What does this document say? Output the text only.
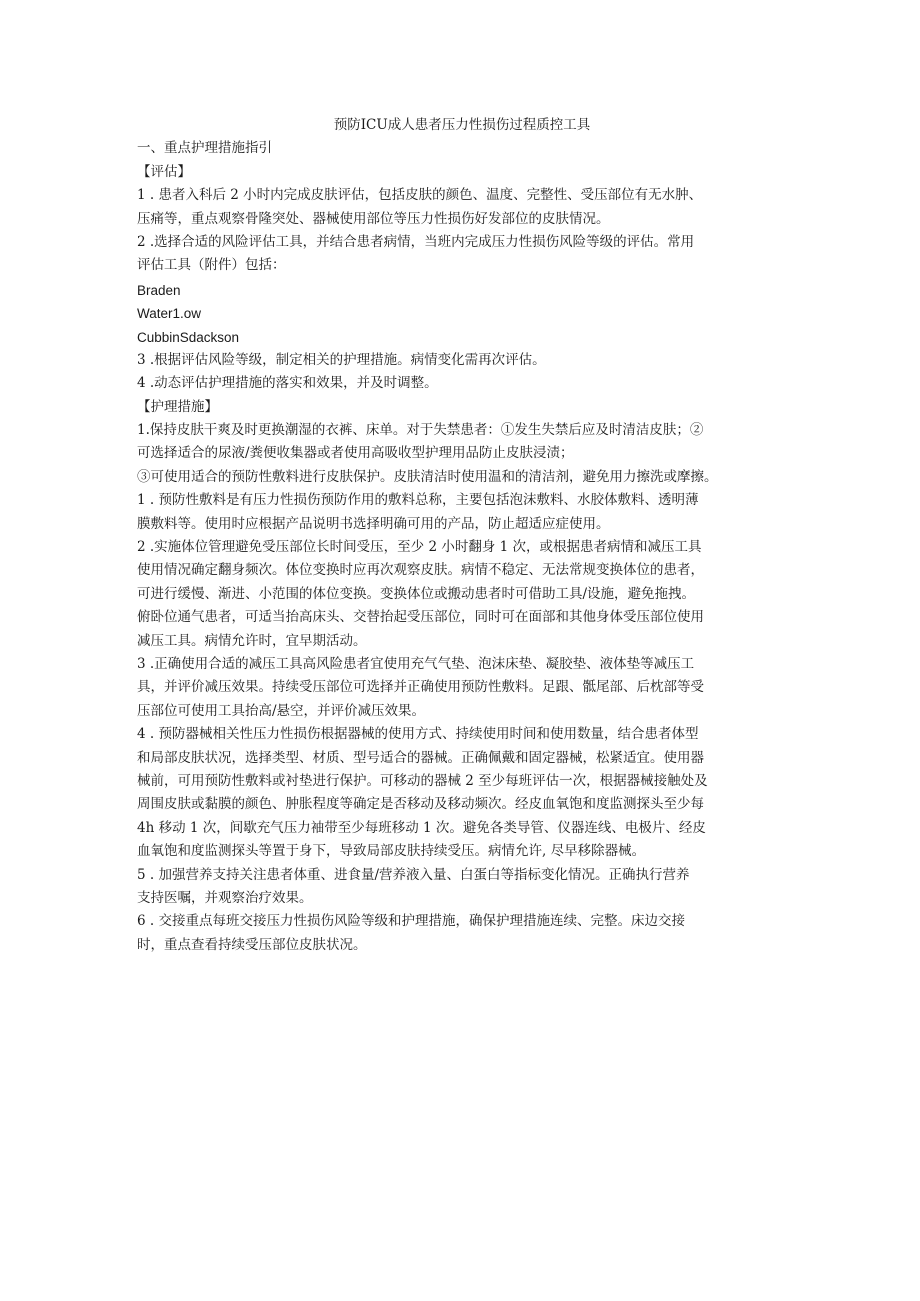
预防ICU成人患者压力性损伤过程质控工具
一、重点护理措施指引
【评估】
1 . 患者入科后 2 小时内完成皮肤评估，包括皮肤的颜色、温度、完整性、受压部位有无水肿、
压痛等，重点观察骨隆突处、器械使用部位等压力性损伤好发部位的皮肤情况。
2 .选择合适的风险评估工具，并结合患者病情，当班内完成压力性损伤风险等级的评估。常用
评估工具（附件）包括：
Braden
Water1.ow
CubbinSdackson
3 .根据评估风险等级，制定相关的护理措施。病情变化需再次评估。
4 .动态评估护理措施的落实和效果，并及时调整。
【护理措施】
1.保持皮肤干爽及时更换潮湿的衣裤、床单。对于失禁患者：①发生失禁后应及时清洁皮肤；②
可选择适合的尿液/粪便收集器或者使用高吸收型护理用品防止皮肤浸渍；
③可使用适合的预防性敷料进行皮肤保护。皮肤清洁时使用温和的清洁剂，避免用力擦洗或摩擦。
1 . 预防性敷料是有压力性损伤预防作用的敷料总称，主要包括泡沫敷料、水胶体敷料、透明薄
膜敷料等。使用时应根据产品说明书选择明确可用的产品，防止超适应症使用。
2 .实施体位管理避免受压部位长时间受压，至少 2 小时翻身 1 次，或根据患者病情和减压工具
使用情况确定翻身频次。体位变换时应再次观察皮肤。病情不稳定、无法常规变换体位的患者，
可进行缓慢、渐进、小范围的体位变换。变换体位或搬动患者时可借助工具/设施，避免拖拽。
俯卧位通气患者，可适当抬高床头、交替抬起受压部位，同时可在面部和其他身体受压部位使用
减压工具。病情允许时，宜早期活动。
3 .正确使用合适的减压工具高风险患者宜使用充气气垫、泡沫床垫、凝胶垫、液体垫等减压工
具，并评价减压效果。持续受压部位可选择并正确使用预防性敷料。足跟、骶尾部、后枕部等受
压部位可使用工具抬高/悬空，并评价减压效果。
4 . 预防器械相关性压力性损伤根据器械的使用方式、持续使用时间和使用数量，结合患者体型
和局部皮肤状况，选择类型、材质、型号适合的器械。正确佩戴和固定器械，松紧适宜。使用器
械前，可用预防性敷料或衬垫进行保护。可移动的器械 2 至少每班评估一次，根据器械接触处及
周围皮肤或黏膜的颜色、肿胀程度等确定是否移动及移动频次。经皮血氧饱和度监测探头至少每
4h 移动 1 次，间歇充气压力袖带至少每班移动 1 次。避免各类导管、仪器连线、电极片、经皮
血氧饱和度监测探头等置于身下，导致局部皮肤持续受压。病情允许, 尽早移除器械。
5 . 加强营养支持关注患者体重、进食量/营养液入量、白蛋白等指标变化情况。正确执行营养
支持医嘱，并观察治疗效果。
6 . 交接重点每班交接压力性损伤风险等级和护理措施，确保护理措施连续、完整。床边交接
时，重点查看持续受压部位皮肤状况。
